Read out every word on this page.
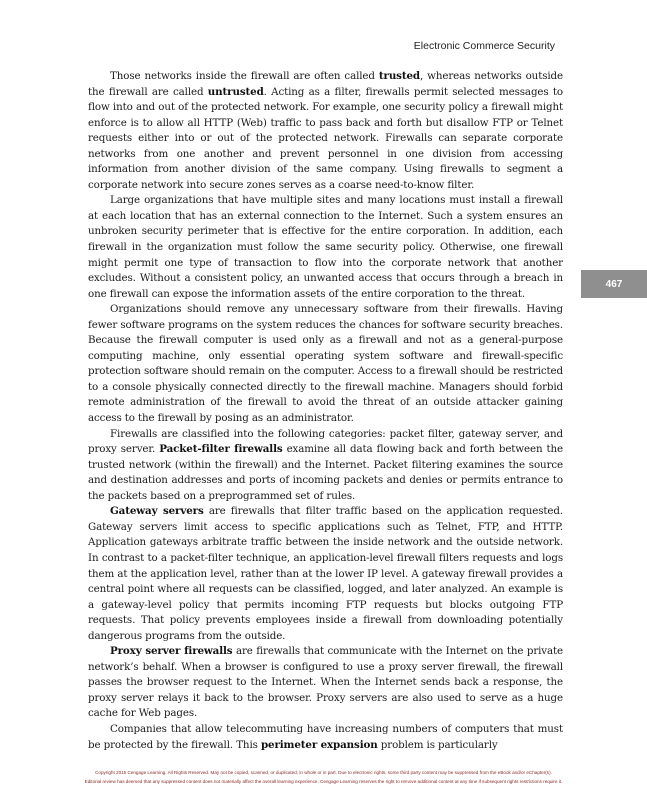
Electronic Commerce Security
467

Those networks inside the firewall are often called trusted, whereas networks outside the firewall are called untrusted. Acting as a filter, firewalls permit selected messages to flow into and out of the protected network. For example, one security policy a firewall might enforce is to allow all HTTP (Web) traffic to pass back and forth but disallow FTP or Telnet requests either into or out of the protected network. Firewalls can separate corporate networks from one another and prevent personnel in one division from accessing information from another division of the same company. Using firewalls to segment a corporate network into secure zones serves as a coarse need-to-know filter.

Large organizations that have multiple sites and many locations must install a firewall at each location that has an external connection to the Internet. Such a system ensures an unbroken security perimeter that is effective for the entire corporation. In addition, each firewall in the organization must follow the same security policy. Otherwise, one firewall might permit one type of transaction to flow into the corporate network that another excludes. Without a consistent policy, an unwanted access that occurs through a breach in one firewall can expose the information assets of the entire corporation to the threat.

Organizations should remove any unnecessary software from their firewalls. Having fewer software programs on the system reduces the chances for software security breaches. Because the firewall computer is used only as a firewall and not as a general-purpose computing machine, only essential operating system software and firewall-specific protection software should remain on the computer. Access to a firewall should be restricted to a console physically connected directly to the firewall machine. Managers should forbid remote administration of the firewall to avoid the threat of an outside attacker gaining access to the firewall by posing as an administrator.

Firewalls are classified into the following categories: packet filter, gateway server, and proxy server. Packet-filter firewalls examine all data flowing back and forth between the trusted network (within the firewall) and the Internet. Packet filtering examines the source and destination addresses and ports of incoming packets and denies or permits entrance to the packets based on a preprogrammed set of rules.

Gateway servers are firewalls that filter traffic based on the application requested. Gateway servers limit access to specific applications such as Telnet, FTP, and HTTP. Application gateways arbitrate traffic between the inside network and the outside network. In contrast to a packet-filter technique, an application-level firewall filters requests and logs them at the application level, rather than at the lower IP level. A gateway firewall provides a central point where all requests can be classified, logged, and later analyzed. An example is a gateway-level policy that permits incoming FTP requests but blocks outgoing FTP requests. That policy prevents employees inside a firewall from downloading potentially dangerous programs from the outside.

Proxy server firewalls are firewalls that communicate with the Internet on the private network’s behalf. When a browser is configured to use a proxy server firewall, the firewall passes the browser request to the Internet. When the Internet sends back a response, the proxy server relays it back to the browser. Proxy servers are also used to serve as a huge cache for Web pages.

Companies that allow telecommuting have increasing numbers of computers that must be protected by the firewall. This perimeter expansion problem is particularly

Copyright 2015 Cengage Learning. All Rights Reserved. May not be copied, scanned, or duplicated, in whole or in part. Due to electronic rights, some third party content may be suppressed from the eBook and/or eChapter(s).
Editorial review has deemed that any suppressed content does not materially affect the overall learning experience. Cengage Learning reserves the right to remove additional content at any time if subsequent rights restrictions require it.
